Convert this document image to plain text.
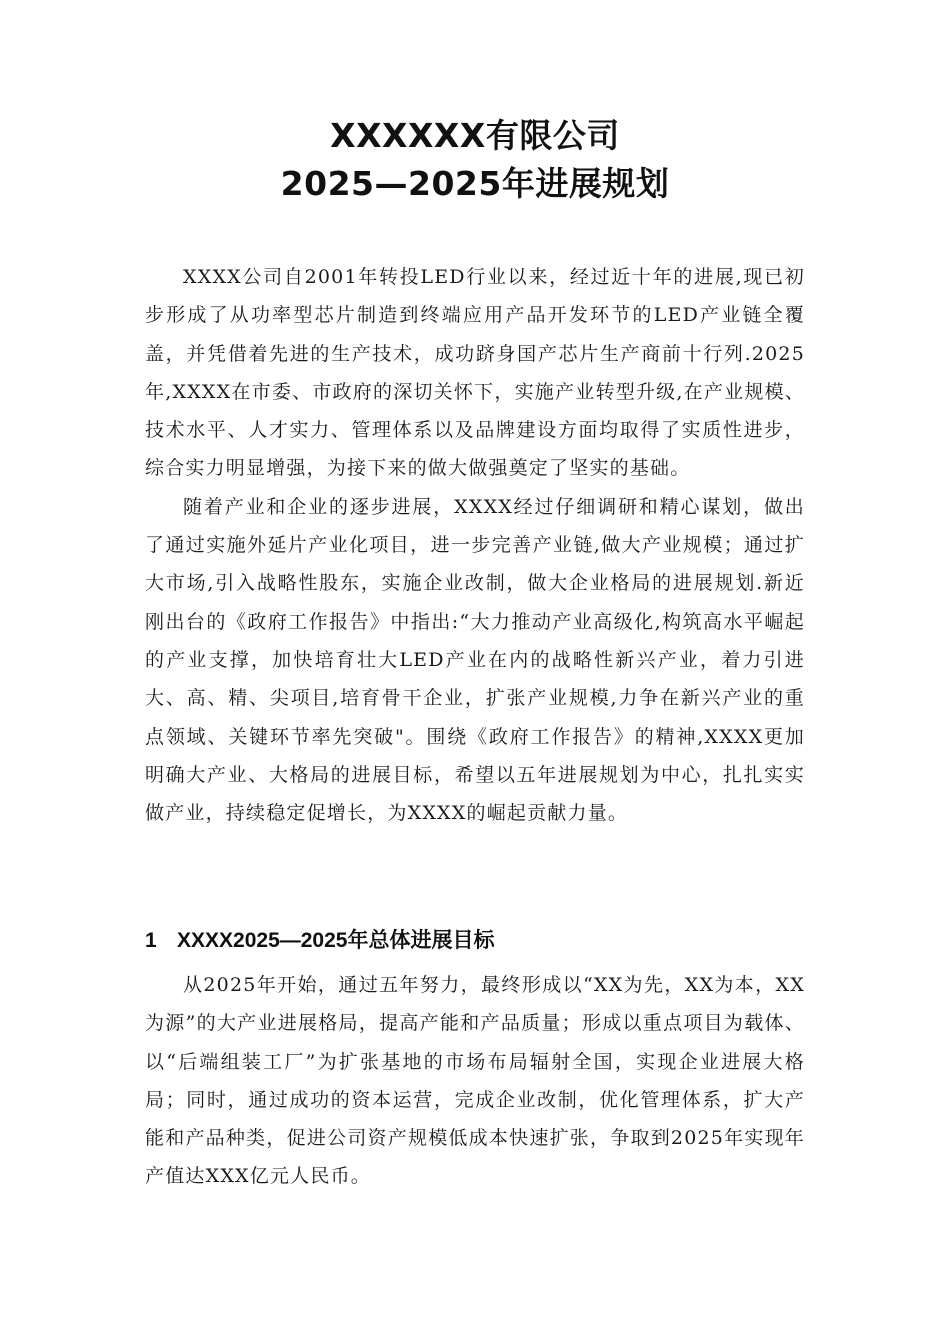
XXXXXX有限公司

2025—2025年进展规划

XXXX公司自2001年转投LED行业以来，经过近十年的进展,现已初步形成了从功率型芯片制造到终端应用产品开发环节的LED产业链全覆盖，并凭借着先进的生产技术，成功跻身国产芯片生产商前十行列.2025年,XXXX在市委、市政府的深切关怀下，实施产业转型升级,在产业规模、技术水平、人才实力、管理体系以及品牌建设方面均取得了实质性进步，综合实力明显增强，为接下来的做大做强奠定了坚实的基础。

随着产业和企业的逐步进展，XXXX经过仔细调研和精心谋划，做出了通过实施外延片产业化项目，进一步完善产业链,做大产业规模；通过扩大市场,引入战略性股东，实施企业改制，做大企业格局的进展规划.新近刚出台的《政府工作报告》中指出:“大力推动产业高级化,构筑高水平崛起的产业支撑，加快培育壮大LED产业在内的战略性新兴产业，着力引进大、高、精、尖项目,培育骨干企业，扩张产业规模,力争在新兴产业的重点领域、关键环节率先突破"。围绕《政府工作报告》的精神,XXXX更加明确大产业、大格局的进展目标，希望以五年进展规划为中心，扎扎实实做产业，持续稳定促增长，为XXXX的崛起贡献力量。

1 XXXX2025—2025年总体进展目标

从2025年开始，通过五年努力，最终形成以“XX为先，XX为本，XX为源”的大产业进展格局，提高产能和产品质量；形成以重点项目为载体、以“后端组装工厂”为扩张基地的市场布局辐射全国，实现企业进展大格局；同时，通过成功的资本运营，完成企业改制，优化管理体系，扩大产能和产品种类，促进公司资产规模低成本快速扩张，争取到2025年实现年产值达XXX亿元人民币。
